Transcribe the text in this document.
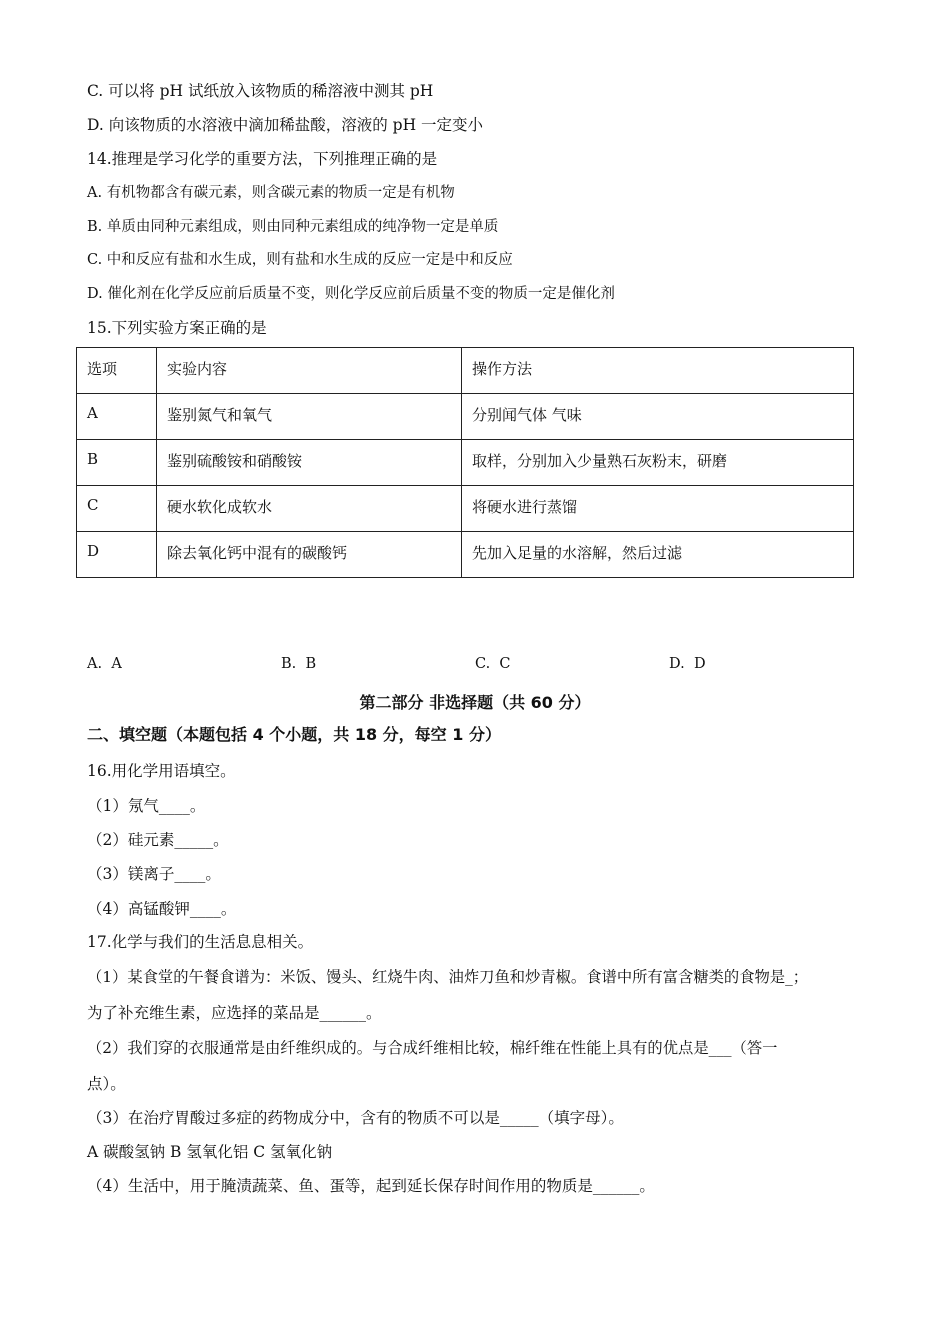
C. 可以将 pH 试纸放入该物质的稀溶液中测其 pH
D. 向该物质的水溶液中滴加稀盐酸，溶液的 pH 一定变小
14.推理是学习化学的重要方法，下列推理正确的是
A. 有机物都含有碳元素，则含碳元素的物质一定是有机物
B. 单质由同种元素组成，则由同种元素组成的纯净物一定是单质
C. 中和反应有盐和水生成，则有盐和水生成的反应一定是中和反应
D. 催化剂在化学反应前后质量不变，则化学反应前后质量不变的物质一定是催化剂
15.下列实验方案正确的是
选项	实验内容	操作方法
A	鉴别氮气和氧气	分别闻气体 气味
B	鉴别硫酸铵和硝酸铵	取样，分别加入少量熟石灰粉末，研磨
C	硬水软化成软水	将硬水进行蒸馏
D	除去氧化钙中混有的碳酸钙	先加入足量的水溶解，然后过滤
A. A	B. B	C. C	D. D
第二部分 非选择题（共 60 分）
二、填空题（本题包括 4 个小题，共 18 分，每空 1 分）
16.用化学用语填空。
（1）氖气____。
（2）硅元素_____。
（3）镁离子____。
（4）高锰酸钾____。
17.化学与我们的生活息息相关。
（1）某食堂的午餐食谱为：米饭、馒头、红烧牛肉、油炸刀鱼和炒青椒。食谱中所有富含糖类的食物是_；
为了补充维生素，应选择的菜品是______。
（2）我们穿的衣服通常是由纤维织成的。与合成纤维相比较，棉纤维在性能上具有的优点是___（答一
点）。
（3）在治疗胃酸过多症的药物成分中，含有的物质不可以是_____（填字母）。
A 碳酸氢钠 B 氢氧化铝 C 氢氧化钠
（4）生活中，用于腌渍蔬菜、鱼、蛋等，起到延长保存时间作用的物质是______。
